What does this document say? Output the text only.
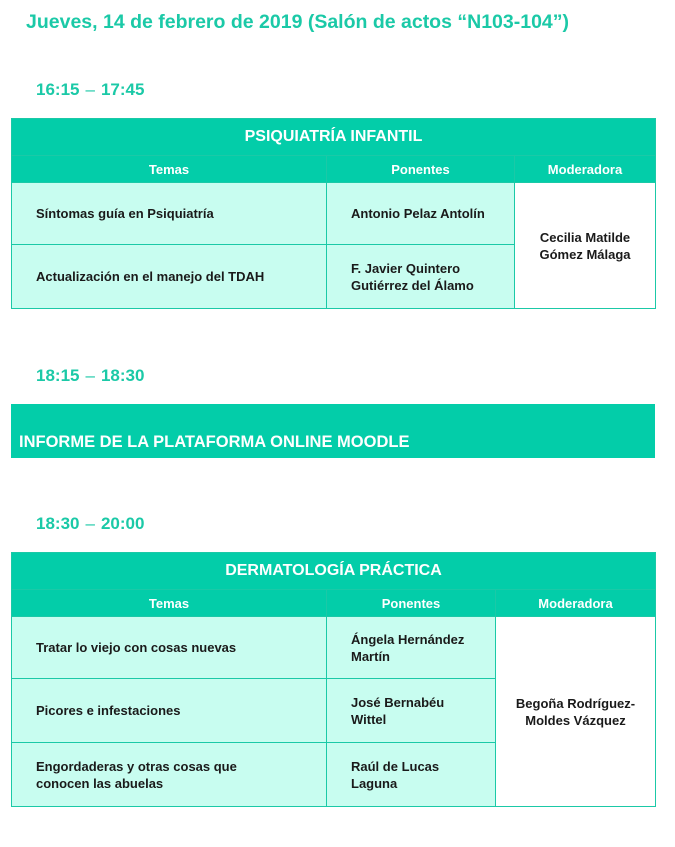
Jueves, 14 de febrero de 2019 (Salón de actos “N103-104”)
16:15 – 17:45
PSIQUIATRÍA INFANTIL		
Temas	Ponentes	Moderadora
Síntomas guía en Psiquiatría	Antonio Pelaz Antolín	Cecilia Matilde Gómez Málaga

Actualización en el manejo del TDAH	F. Javier Quintero Gutiérrez del Álamo	
18:15 – 18:30
INFORME DE LA PLATAFORMA ONLINE MOODLE
18:30 – 20:00
DERMATOLOGÍA PRÁCTICA		
Temas	Ponentes	Moderadora
Tratar lo viejo con cosas nuevas	Ángela Hernández Martín	Begoña Rodríguez-Moldes Vázquez

Picores e infestaciones	José Bernabéu Wittel	

Engordaderas y otras cosas que conocen las abuelas	Raúl de Lucas Laguna	
